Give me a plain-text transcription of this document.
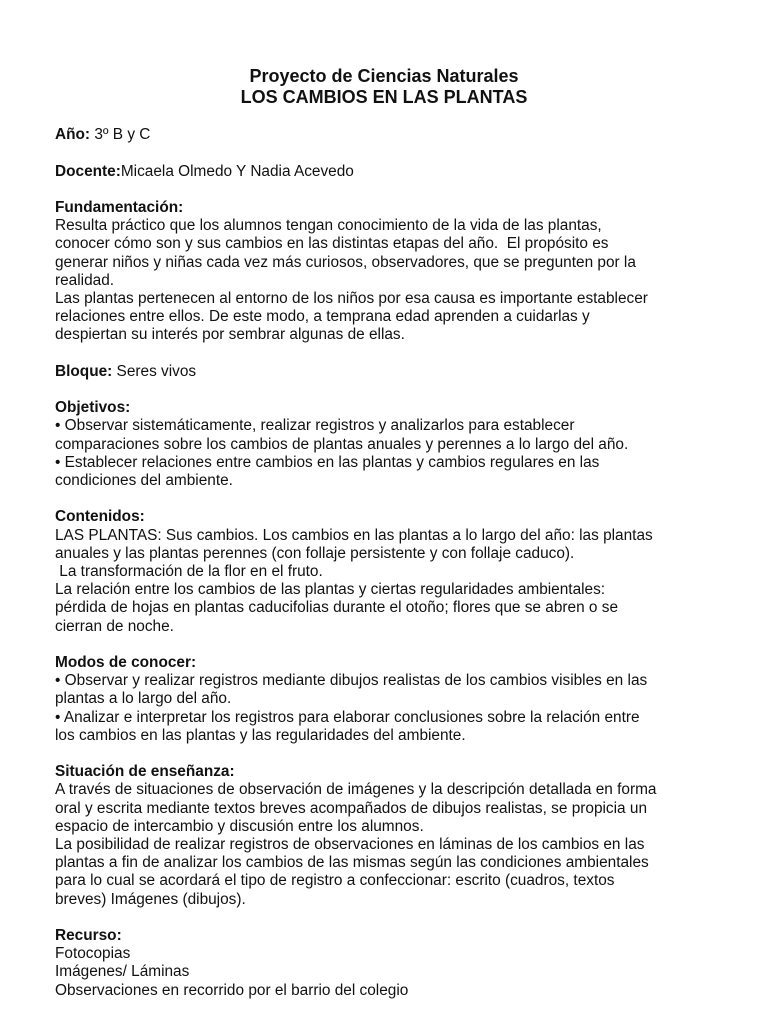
Proyecto de Ciencias Naturales
LOS CAMBIOS EN LAS PLANTAS

Año: 3º B y C

Docente:Micaela Olmedo Y Nadia Acevedo

Fundamentación:

Resulta práctico que los alumnos tengan conocimiento de la vida de las plantas,

conocer cómo son y sus cambios en las distintas etapas del año.  El propósito es

generar niños y niñas cada vez más curiosos, observadores, que se pregunten por la

realidad.

Las plantas pertenecen al entorno de los niños por esa causa es importante establecer

relaciones entre ellos. De este modo, a temprana edad aprenden a cuidarlas y

despiertan su interés por sembrar algunas de ellas.

Bloque: Seres vivos

Objetivos:

• Observar sistemáticamente, realizar registros y analizarlos para establecer

comparaciones sobre los cambios de plantas anuales y perennes a lo largo del año.

• Establecer relaciones entre cambios en las plantas y cambios regulares en las

condiciones del ambiente.

Contenidos:

LAS PLANTAS: Sus cambios. Los cambios en las plantas a lo largo del año: las plantas

anuales y las plantas perennes (con follaje persistente y con follaje caduco).

La transformación de la flor en el fruto.

La relación entre los cambios de las plantas y ciertas regularidades ambientales:

pérdida de hojas en plantas caducifolias durante el otoño; flores que se abren o se

cierran de noche.

Modos de conocer:

• Observar y realizar registros mediante dibujos realistas de los cambios visibles en las

plantas a lo largo del año.

• Analizar e interpretar los registros para elaborar conclusiones sobre la relación entre

los cambios en las plantas y las regularidades del ambiente.

Situación de enseñanza:

A través de situaciones de observación de imágenes y la descripción detallada en forma

oral y escrita mediante textos breves acompañados de dibujos realistas, se propicia un

espacio de intercambio y discusión entre los alumnos.

La posibilidad de realizar registros de observaciones en láminas de los cambios en las

plantas a fin de analizar los cambios de las mismas según las condiciones ambientales

para lo cual se acordará el tipo de registro a confeccionar: escrito (cuadros, textos

breves) Imágenes (dibujos).

Recurso:

Fotocopias

Imágenes/ Láminas

Observaciones en recorrido por el barrio del colegio
